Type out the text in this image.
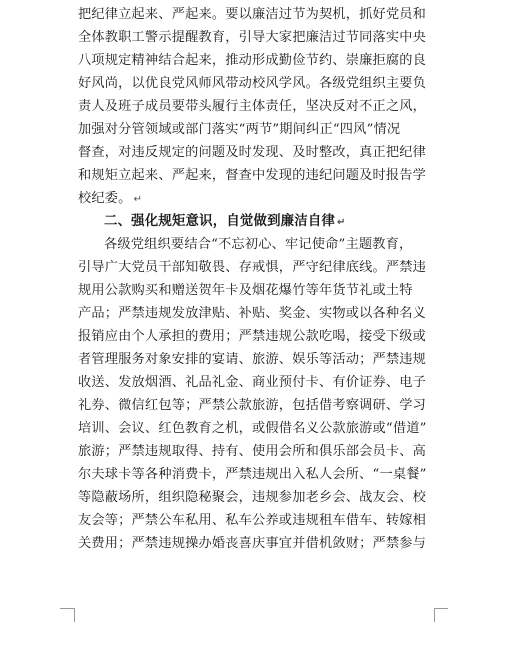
把纪律立起来、严起来。要以廉洁过节为契机，抓好党员和
全体教职工警示提醒教育，引导大家把廉洁过节同落实中央
八项规定精神结合起来，推动形成勤俭节约、崇廉拒腐的良
好风尚，以优良党风师风带动校风学风。各级党组织主要负
责人及班子成员要带头履行主体责任，坚决反对不正之风，
加强对分管领域或部门落实“两节”期间纠正“四风”情况
督查，对违反规定的问题及时发现、及时整改，真正把纪律
和规矩立起来、严起来，督查中发现的违纪问题及时报告学
校纪委。 ↵
二、强化规矩意识，自觉做到廉洁自律 ↵
各级党组织要结合“不忘初心、牢记使命”主题教育，
引导广大党员干部知敬畏、存戒惧，严守纪律底线。严禁违
规用公款购买和赠送贺年卡及烟花爆竹等年货节礼或土特
产品；严禁违规发放津贴、补贴、奖金、实物或以各种名义
报销应由个人承担的费用；严禁违规公款吃喝，接受下级或
者管理服务对象安排的宴请、旅游、娱乐等活动；严禁违规
收送、发放烟酒、礼品礼金、商业预付卡、有价证券、电子
礼券、微信红包等；严禁公款旅游，包括借考察调研、学习
培训、会议、红色教育之机，或假借名义公款旅游或“借道”
旅游；严禁违规取得、持有、使用会所和俱乐部会员卡、高
尔夫球卡等各种消费卡，严禁违规出入私人会所、“一桌餐”
等隐蔽场所，组织隐秘聚会，违规参加老乡会、战友会、校
友会等；严禁公车私用、私车公养或违规租车借车、转嫁相
关费用；严禁违规操办婚丧喜庆事宜并借机敛财；严禁参与
